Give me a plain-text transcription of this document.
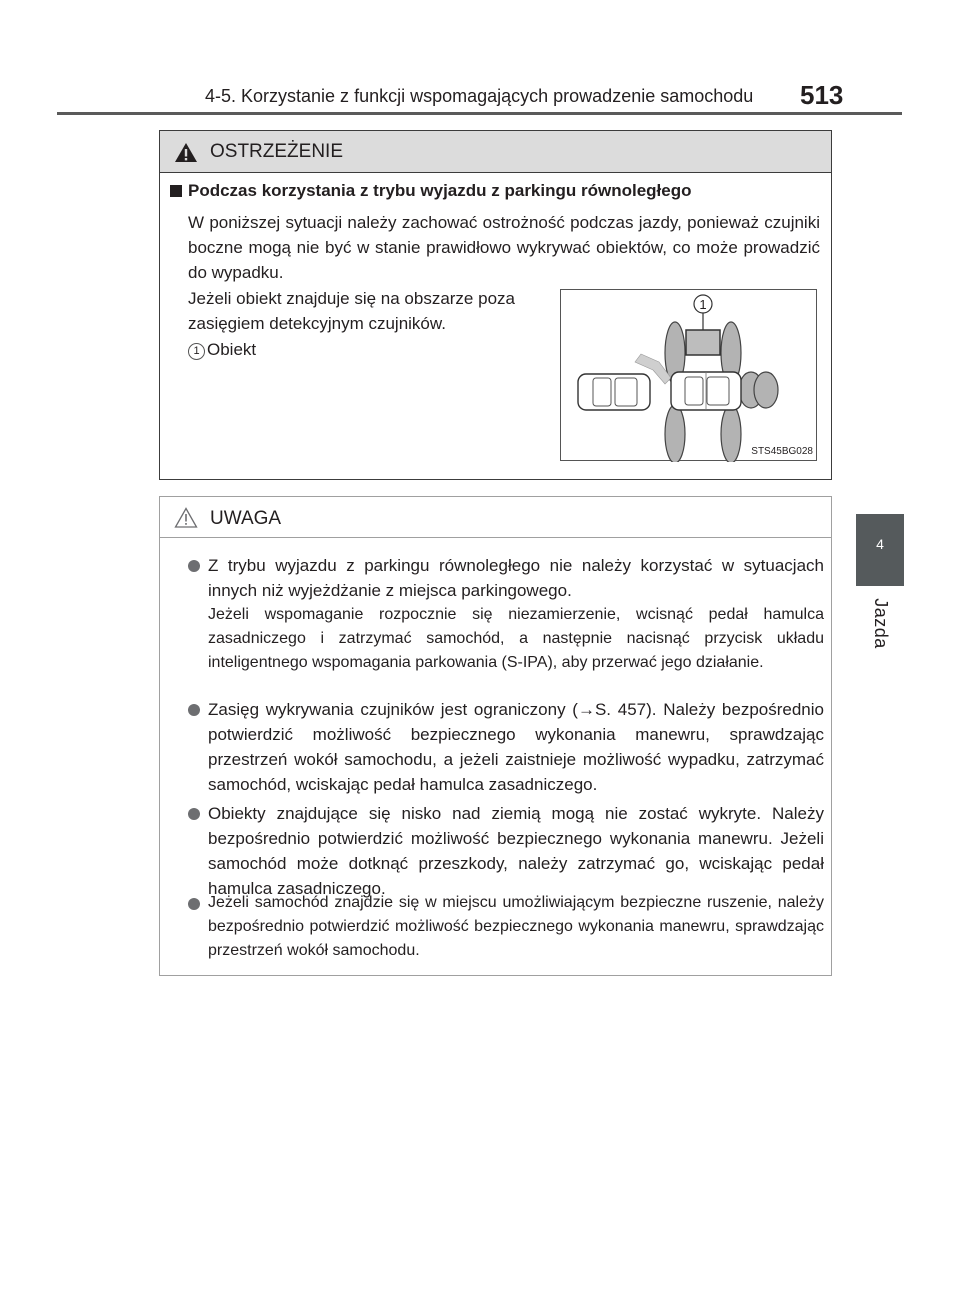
4-5. Korzystanie z funkcji wspomagających prowadzenie samochodu 513
4
Jazda
OSTRZEŻENIE
Podczas korzystania z trybu wyjazdu z parkingu równoległego
W poniższej sytuacji należy zachować ostrożność podczas jazdy, ponieważ czujniki boczne mogą nie być w stanie prawidłowo wykrywać obiektów, co może prowadzić do wypadku.
Jeżeli obiekt znajduje się na obszarze poza zasięgiem detekcyjnym czujników.
1 Obiekt
1
STS45BG028
UWAGA
Z trybu wyjazdu z parkingu równoległego nie należy korzystać w sytuacjach innych niż wyjeżdżanie z miejsca parkingowego.
Jeżeli wspomaganie rozpocznie się niezamierzenie, wcisnąć pedał hamulca zasadniczego i zatrzymać samochód, a następnie nacisnąć przycisk układu inteligentnego wspomagania parkowania (S-IPA), aby przerwać jego działanie.
Zasięg wykrywania czujników jest ograniczony (→S. 457). Należy bezpośrednio potwierdzić możliwość bezpiecznego wykonania manewru, sprawdzając przestrzeń wokół samochodu, a jeżeli zaistnieje możliwość wypadku, zatrzymać samochód, wciskając pedał hamulca zasadniczego.
Obiekty znajdujące się nisko nad ziemią mogą nie zostać wykryte. Należy bezpośrednio potwierdzić możliwość bezpiecznego wykonania manewru. Jeżeli samochód może dotknąć przeszkody, należy zatrzymać go, wciskając pedał hamulca zasadniczego.
Jeżeli samochód znajdzie się w miejscu umożliwiającym bezpieczne ruszenie, należy bezpośrednio potwierdzić możliwość bezpiecznego wykonania manewru, sprawdzając przestrzeń wokół samochodu.
